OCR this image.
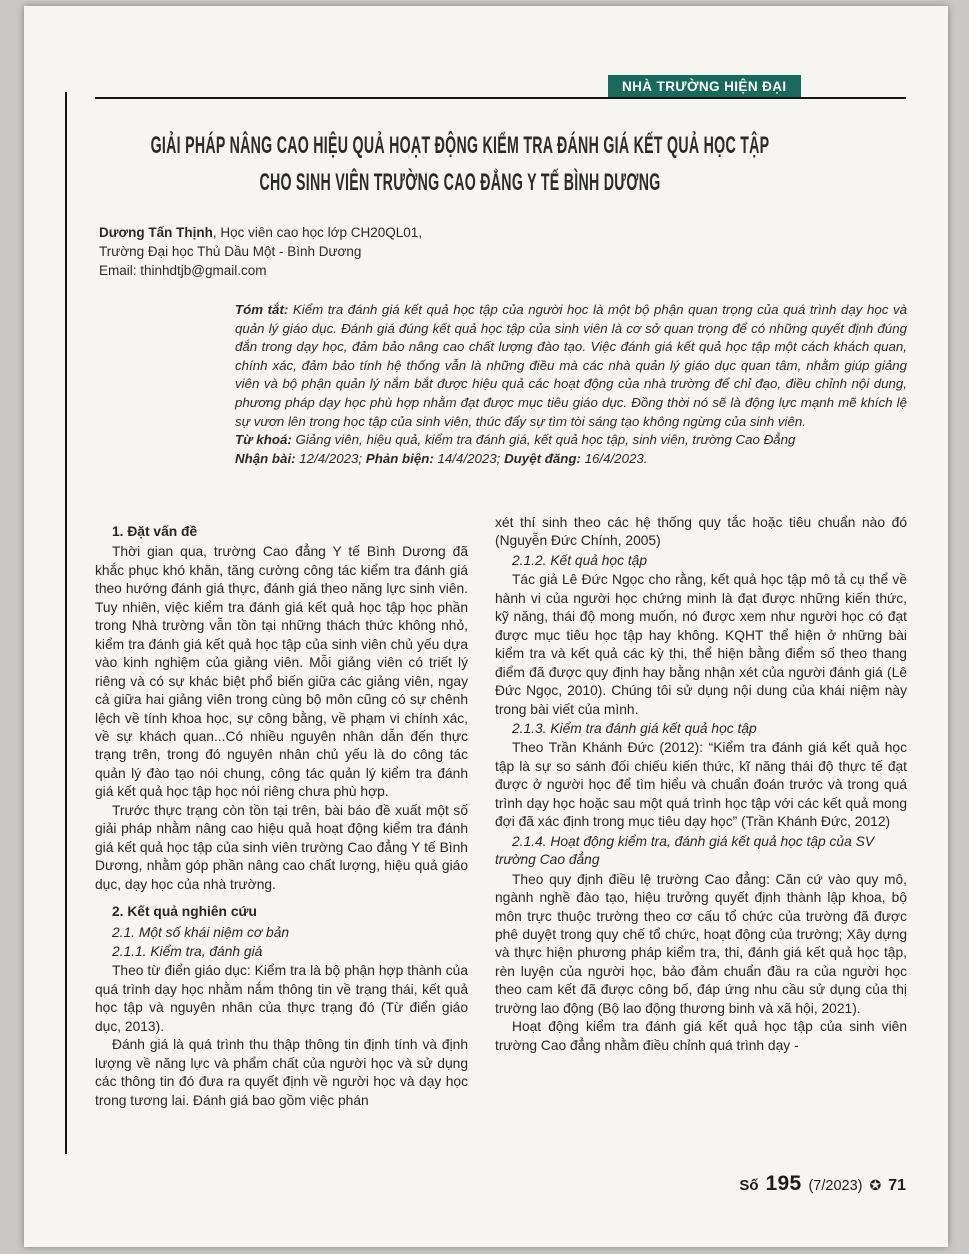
NHÀ TRƯỜNG HIỆN ĐẠI
GIẢI PHÁP NÂNG CAO HIỆU QUẢ HOẠT ĐỘNG KIỂM TRA ĐÁNH GIÁ KẾT QUẢ HỌC TẬP
CHO SINH VIÊN TRƯỜNG CAO ĐẲNG Y TẾ BÌNH DƯƠNG

Dương Tấn Thịnh, Học viên cao học lớp CH20QL01,

Trường Đại học Thủ Dầu Một - Bình Dương

Email: thinhdtjb@gmail.com

Tóm tắt: Kiểm tra đánh giá kết quả học tập của người học là một bộ phận quan trọng của quá trình dạy học và quản lý giáo dục. Đánh giá đúng kết quả học tập của sinh viên là cơ sở quan trọng để có những quyết định đúng đắn trong dạy học, đảm bảo nâng cao chất lượng đào tạo. Việc đánh giá kết quả học tập một cách khách quan, chính xác, đảm bảo tính hệ thống vẫn là những điều mà các nhà quản lý giáo dục quan tâm, nhằm giúp giảng viên và bộ phận quản lý nắm bắt được hiệu quả các hoạt động của nhà trường để chỉ đạo, điều chỉnh nội dung, phương pháp dạy học phù hợp nhằm đạt được mục tiêu giáo dục. Đồng thời nó sẽ là động lực mạnh mẽ khích lệ sự vươn lên trong học tập của sinh viên, thúc đẩy sự tìm tòi sáng tạo không ngừng của sinh viên.

Từ khoá: Giảng viên, hiệu quả, kiểm tra đánh giá, kết quả học tập, sinh viên, trường Cao Đẳng

Nhận bài: 12/4/2023; Phản biện: 14/4/2023; Duyệt đăng: 16/4/2023.

1. Đặt vấn đề

Thời gian qua, trường Cao đẳng Y tế Bình Dương đã khắc phục khó khăn, tăng cường công tác kiểm tra đánh giá theo hướng đánh giá thực, đánh giá theo năng lực sinh viên. Tuy nhiên, việc kiểm tra đánh giá kết quả học tập học phần trong Nhà trường vẫn tồn tại những thách thức không nhỏ, kiểm tra đánh giá kết quả học tập của sinh viên chủ yếu dựa vào kinh nghiệm của giảng viên. Mỗi giảng viên có triết lý riêng và có sự khác biệt phổ biến giữa các giảng viên, ngay cả giữa hai giảng viên trong cùng bộ môn cũng có sự chênh lệch về tính khoa học, sự công bằng, về phạm vi chính xác, về sự khách quan...Có nhiều nguyên nhân dẫn đến thực trạng trên, trong đó nguyên nhân chủ yếu là do công tác quản lý đào tạo nói chung, công tác quản lý kiểm tra đánh giá kết quả học tập học nói riêng chưa phù hợp.

Trước thực trạng còn tồn tại trên, bài báo đề xuất một số giải pháp nhằm nâng cao hiệu quả hoạt động kiểm tra đánh giá kết quả học tập của sinh viên trường Cao đẳng Y tế Bình Dương, nhằm góp phần nâng cao chất lượng, hiệu quả giáo dục, dạy học của nhà trường.

2. Kết quả nghiên cứu

2.1. Một số khái niệm cơ bản

2.1.1. Kiểm tra, đánh giá

Theo từ điển giáo dục: Kiểm tra là bộ phận hợp thành của quá trình dạy học nhằm nắm thông tin về trạng thái, kết quả học tập và nguyên nhân của thực trạng đó (Từ điển giáo dục, 2013).

Đánh giá là quá trình thu thập thông tin định tính và định lượng về năng lực và phẩm chất của người học và sử dụng các thông tin đó đưa ra quyết định về người học và dạy học trong tương lai. Đánh giá bao gồm việc phán

xét thí sinh theo các hệ thống quy tắc hoặc tiêu chuẩn nào đó (Nguyễn Đức Chính, 2005)

2.1.2. Kết quả học tập

Tác giả Lê Đức Ngọc cho rằng, kết quả học tập mô tả cụ thể về hành vi của người học chứng minh là đạt được những kiến thức, kỹ năng, thái độ mong muốn, nó được xem như người học có đạt được mục tiêu học tập hay không. KQHT thể hiện ở những bài kiểm tra và kết quả các kỳ thi, thể hiện bằng điểm số theo thang điểm đã được quy định hay bằng nhận xét của người đánh giá (Lê Đức Ngọc, 2010). Chúng tôi sử dụng nội dung của khái niệm này trong bài viết của mình.

2.1.3. Kiểm tra đánh giá kết quả học tập

Theo Trần Khánh Đức (2012): “Kiểm tra đánh giá kết quả học tập là sự so sánh đối chiếu kiến thức, kĩ năng thái độ thực tế đạt được ở người học để tìm hiểu và chuẩn đoán trước và trong quá trình dạy học hoặc sau một quá trình học tập với các kết quả mong đợi đã xác định trong mục tiêu dạy học” (Trần Khánh Đức, 2012)

2.1.4. Hoạt động kiểm tra, đánh giá kết quả học tập của SV trường Cao đẳng

Theo quy định điều lệ trường Cao đẳng: Căn cứ vào quy mô, ngành nghề đào tạo, hiệu trưởng quyết định thành lập khoa, bộ môn trực thuộc trường theo cơ cấu tổ chức của trường đã được phê duyệt trong quy chế tổ chức, hoạt động của trường; Xây dựng và thực hiện phương pháp kiểm tra, thi, đánh giá kết quả học tập, rèn luyện của người học, bảo đảm chuẩn đầu ra của người học theo cam kết đã được công bố, đáp ứng nhu cầu sử dụng của thị trường lao động (Bộ lao động thương binh và xã hội, 2021).

Hoạt động kiểm tra đánh giá kết quả học tập của sinh viên trường Cao đẳng nhằm điều chỉnh quá trình dạy -

Số 195 (7/2023) ✪ 71
